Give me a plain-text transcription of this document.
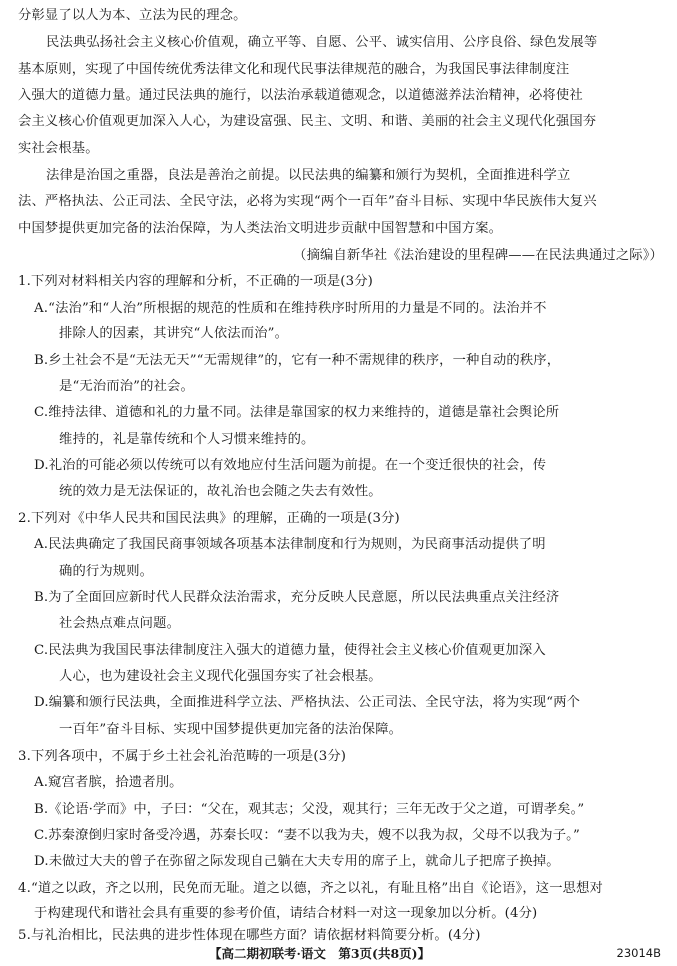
分彰显了以人为本、立法为民的理念。
民法典弘扬社会主义核心价值观，确立平等、自愿、公平、诚实信用、公序良俗、绿色发展等
基本原则，实现了中国传统优秀法律文化和现代民事法律规范的融合，为我国民事法律制度注
入强大的道德力量。通过民法典的施行，以法治承载道德观念，以道德滋养法治精神，必将使社
会主义核心价值观更加深入人心，为建设富强、民主、文明、和谐、美丽的社会主义现代化强国夯
实社会根基。
法律是治国之重器，良法是善治之前提。以民法典的编纂和颁行为契机，全面推进科学立
法、严格执法、公正司法、全民守法，必将为实现“两个一百年”奋斗目标、实现中华民族伟大复兴
中国梦提供更加完备的法治保障，为人类法治文明进步贡献中国智慧和中国方案。
（摘编自新华社《法治建设的里程碑——在民法典通过之际》）
1.下列对材料相关内容的理解和分析，不正确的一项是(3分)
A.“法治”和“人治”所根据的规范的性质和在维持秩序时所用的力量是不同的。法治并不
排除人的因素，其讲究“人依法而治”。
B.乡土社会不是“无法无天”“无需规律”的，它有一种不需规律的秩序，一种自动的秩序，
是“无治而治”的社会。
C.维持法律、道德和礼的力量不同。法律是靠国家的权力来维持的，道德是靠社会舆论所
维持的，礼是靠传统和个人习惯来维持的。
D.礼治的可能必须以传统可以有效地应付生活问题为前提。在一个变迁很快的社会，传
统的效力是无法保证的，故礼治也会随之失去有效性。
2.下列对《中华人民共和国民法典》的理解，正确的一项是(3分)
A.民法典确定了我国民商事领域各项基本法律制度和行为规则，为民商事活动提供了明
确的行为规则。
B.为了全面回应新时代人民群众法治需求，充分反映人民意愿，所以民法典重点关注经济
社会热点难点问题。
C.民法典为我国民事法律制度注入强大的道德力量，使得社会主义核心价值观更加深入
人心，也为建设社会主义现代化强国夯实了社会根基。
D.编纂和颁行民法典，全面推进科学立法、严格执法、公正司法、全民守法，将为实现“两个
一百年”奋斗目标、实现中国梦提供更加完备的法治保障。
3.下列各项中，不属于乡土社会礼治范畴的一项是(3分)
A.窥宫者膑，拾遗者刖。
B.《论语·学而》中，子曰：“父在，观其志；父没，观其行；三年无改于父之道，可谓孝矣。”
C.苏秦潦倒归家时备受冷遇，苏秦长叹：“妻不以我为夫，嫂不以我为叔，父母不以我为子。”
D.未做过大夫的曾子在弥留之际发现自己躺在大夫专用的席子上，就命儿子把席子换掉。
4.“道之以政，齐之以刑，民免而无耻。道之以德，齐之以礼，有耻且格”出自《论语》，这一思想对
于构建现代和谐社会具有重要的参考价值，请结合材料一对这一现象加以分析。(4分)
5.与礼治相比，民法典的进步性体现在哪些方面？请依据材料简要分析。(4分)
【高二期初联考·语文　第3页(共8页)】	23014B
